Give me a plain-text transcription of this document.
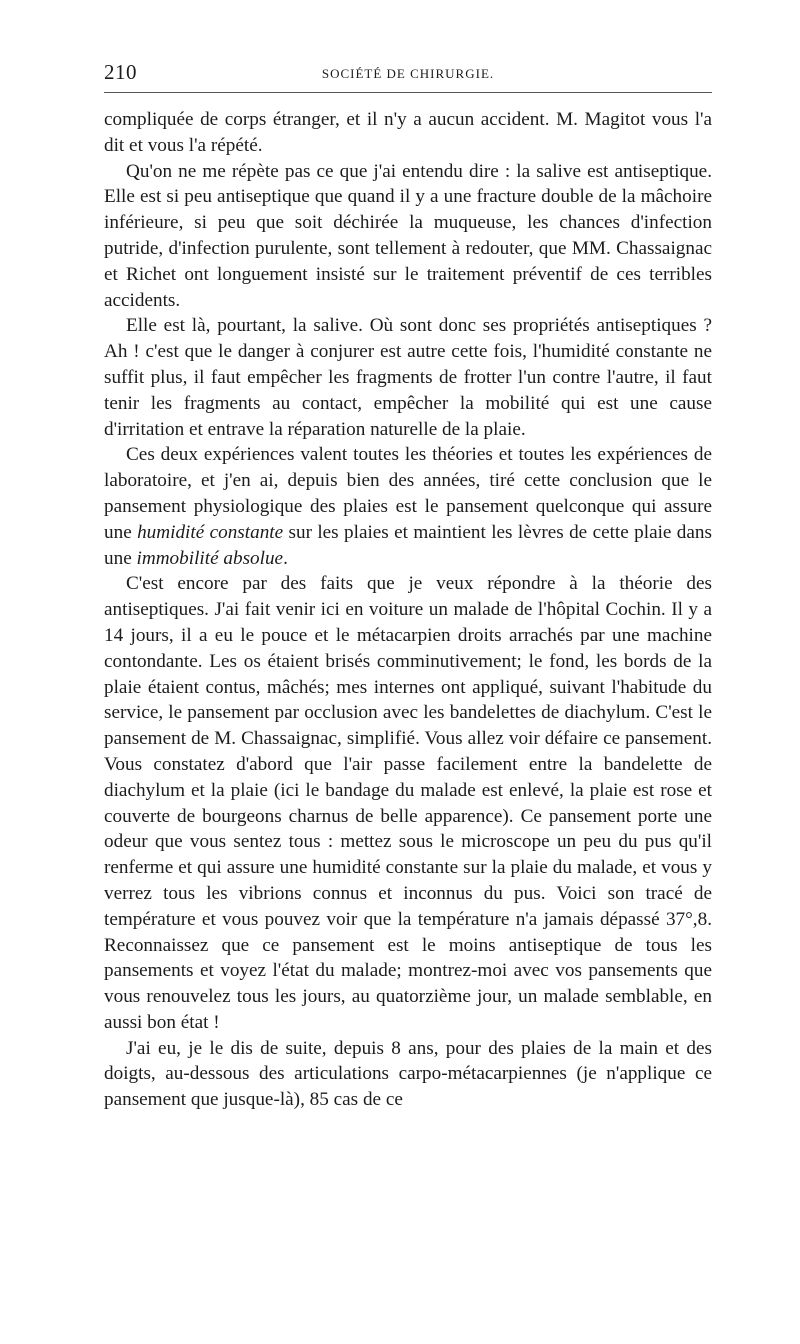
210	SOCIÉTÉ DE CHIRURGIE.

compliquée de corps étranger, et il n'y a aucun accident. M. Magitot vous l'a dit et vous l'a répété.

Qu'on ne me répète pas ce que j'ai entendu dire : la salive est antiseptique. Elle est si peu antiseptique que quand il y a une fracture double de la mâchoire inférieure, si peu que soit déchirée la muqueuse, les chances d'infection putride, d'infection purulente, sont tellement à redouter, que MM. Chassaignac et Richet ont longuement insisté sur le traitement préventif de ces terribles accidents.

Elle est là, pourtant, la salive. Où sont donc ses propriétés antiseptiques ? Ah ! c'est que le danger à conjurer est autre cette fois, l'humidité constante ne suffit plus, il faut empêcher les fragments de frotter l'un contre l'autre, il faut tenir les fragments au contact, empêcher la mobilité qui est une cause d'irritation et entrave la réparation naturelle de la plaie.

Ces deux expériences valent toutes les théories et toutes les expériences de laboratoire, et j'en ai, depuis bien des années, tiré cette conclusion que le pansement physiologique des plaies est le pansement quelconque qui assure une humidité constante sur les plaies et maintient les lèvres de cette plaie dans une immobilité absolue.

C'est encore par des faits que je veux répondre à la théorie des antiseptiques. J'ai fait venir ici en voiture un malade de l'hôpital Cochin. Il y a 14 jours, il a eu le pouce et le métacarpien droits arrachés par une machine contondante. Les os étaient brisés comminutivement; le fond, les bords de la plaie étaient contus, mâchés; mes internes ont appliqué, suivant l'habitude du service, le pansement par occlusion avec les bandelettes de diachylum. C'est le pansement de M. Chassaignac, simplifié. Vous allez voir défaire ce pansement. Vous constatez d'abord que l'air passe facilement entre la bandelette de diachylum et la plaie (ici le bandage du malade est enlevé, la plaie est rose et couverte de bourgeons charnus de belle apparence). Ce pansement porte une odeur que vous sentez tous : mettez sous le microscope un peu du pus qu'il renferme et qui assure une humidité constante sur la plaie du malade, et vous y verrez tous les vibrions connus et inconnus du pus. Voici son tracé de température et vous pouvez voir que la température n'a jamais dépassé 37°,8. Reconnaissez que ce pansement est le moins antiseptique de tous les pansements et voyez l'état du malade; montrez-moi avec vos pansements que vous renouvelez tous les jours, au quatorzième jour, un malade semblable, en aussi bon état !

J'ai eu, je le dis de suite, depuis 8 ans, pour des plaies de la main et des doigts, au-dessous des articulations carpo-métacarpiennes (je n'applique ce pansement que jusque-là), 85 cas de ce
